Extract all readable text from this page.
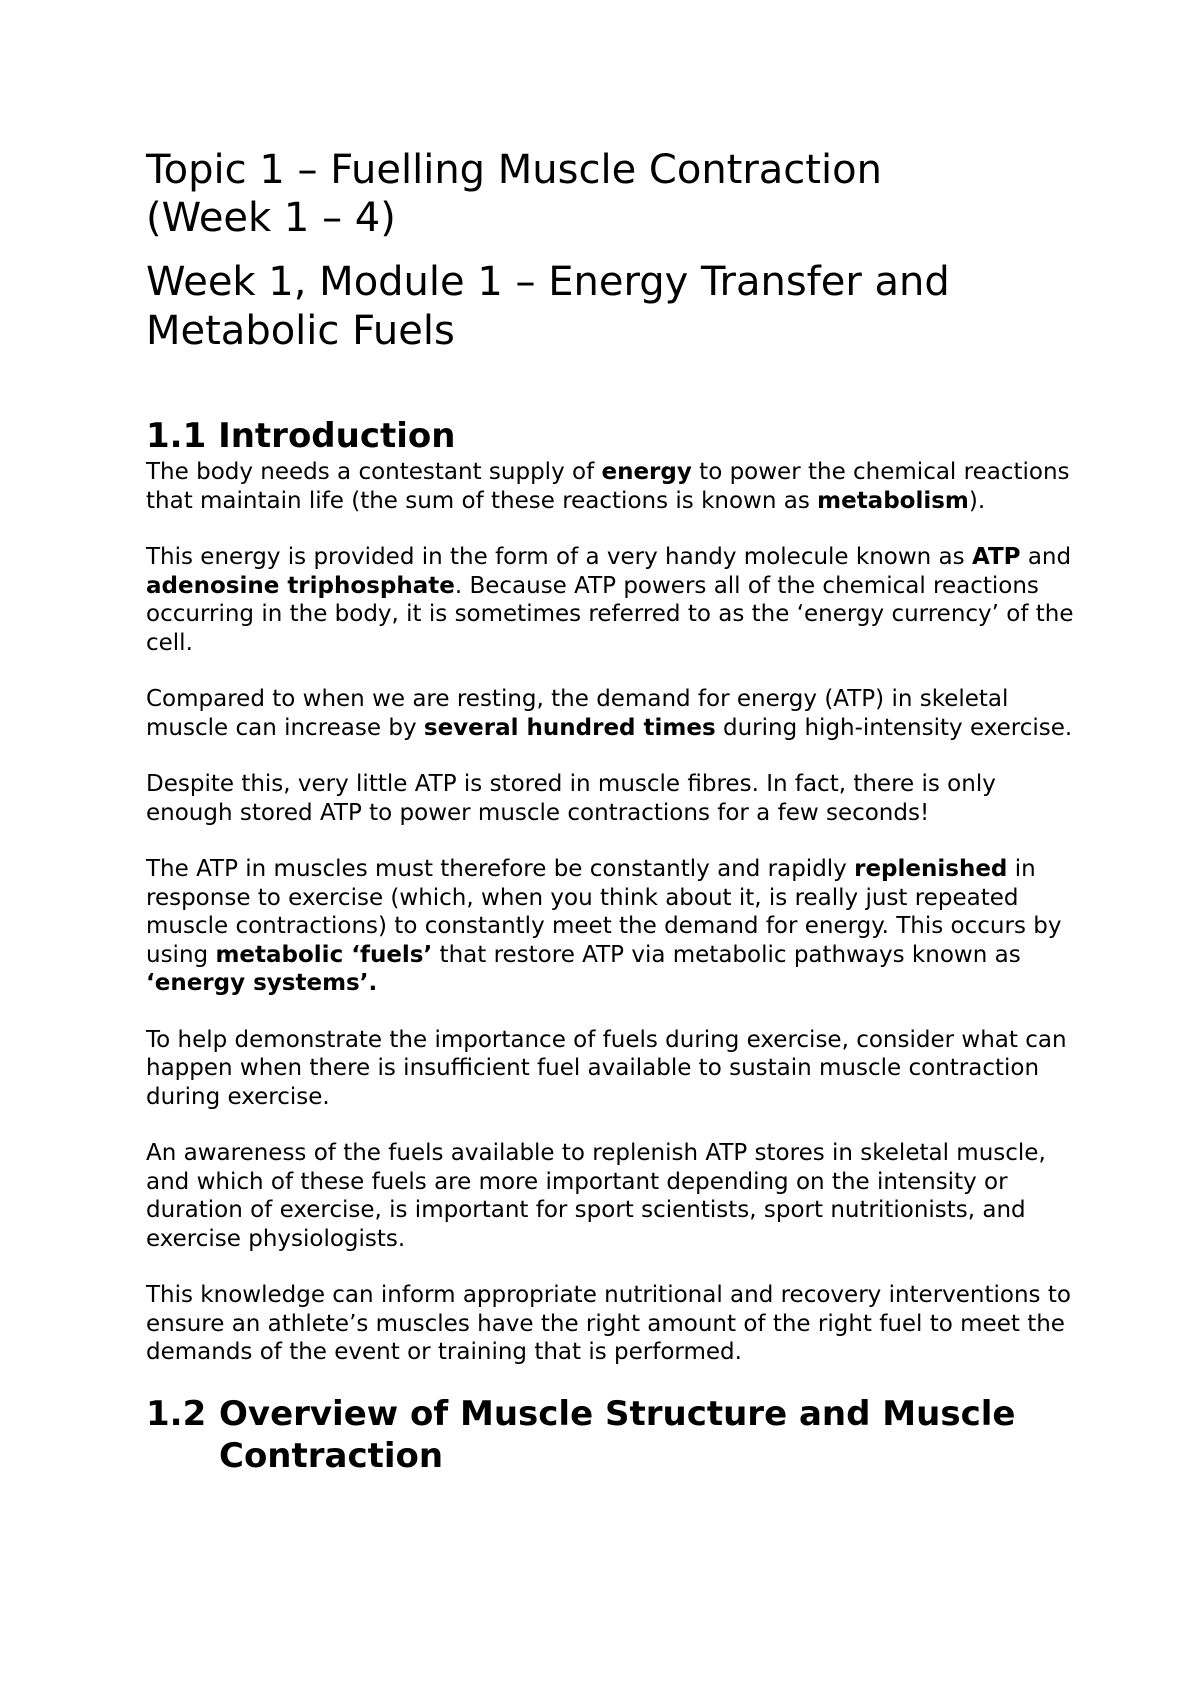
Topic 1 – Fuelling Muscle Contraction
(Week 1 – 4)
Week 1, Module 1 – Energy Transfer and
Metabolic Fuels
1.1 Introduction

The body needs a contestant supply of energy to power the chemical reactions that maintain life (the sum of these reactions is known as metabolism).

This energy is provided in the form of a very handy molecule known as ATP and adenosine triphosphate. Because ATP powers all of the chemical reactions occurring in the body, it is sometimes referred to as the ‘energy currency’ of the cell.

Compared to when we are resting, the demand for energy (ATP) in skeletal muscle can increase by several hundred times during high-intensity exercise.

Despite this, very little ATP is stored in muscle fibres. In fact, there is only enough stored ATP to power muscle contractions for a few seconds!

The ATP in muscles must therefore be constantly and rapidly replenished in response to exercise (which, when you think about it, is really just repeated muscle contractions) to constantly meet the demand for energy. This occurs by using metabolic ‘fuels’ that restore ATP via metabolic pathways known as ‘energy systems’.

To help demonstrate the importance of fuels during exercise, consider what can happen when there is insufficient fuel available to sustain muscle contraction during exercise.

An awareness of the fuels available to replenish ATP stores in skeletal muscle, and which of these fuels are more important depending on the intensity or duration of exercise, is important for sport scientists, sport nutritionists, and exercise physiologists.

This knowledge can inform appropriate nutritional and recovery interventions to ensure an athlete’s muscles have the right amount of the right fuel to meet the demands of the event or training that is performed.

1.2 Overview of Muscle Structure and Muscle Contraction
